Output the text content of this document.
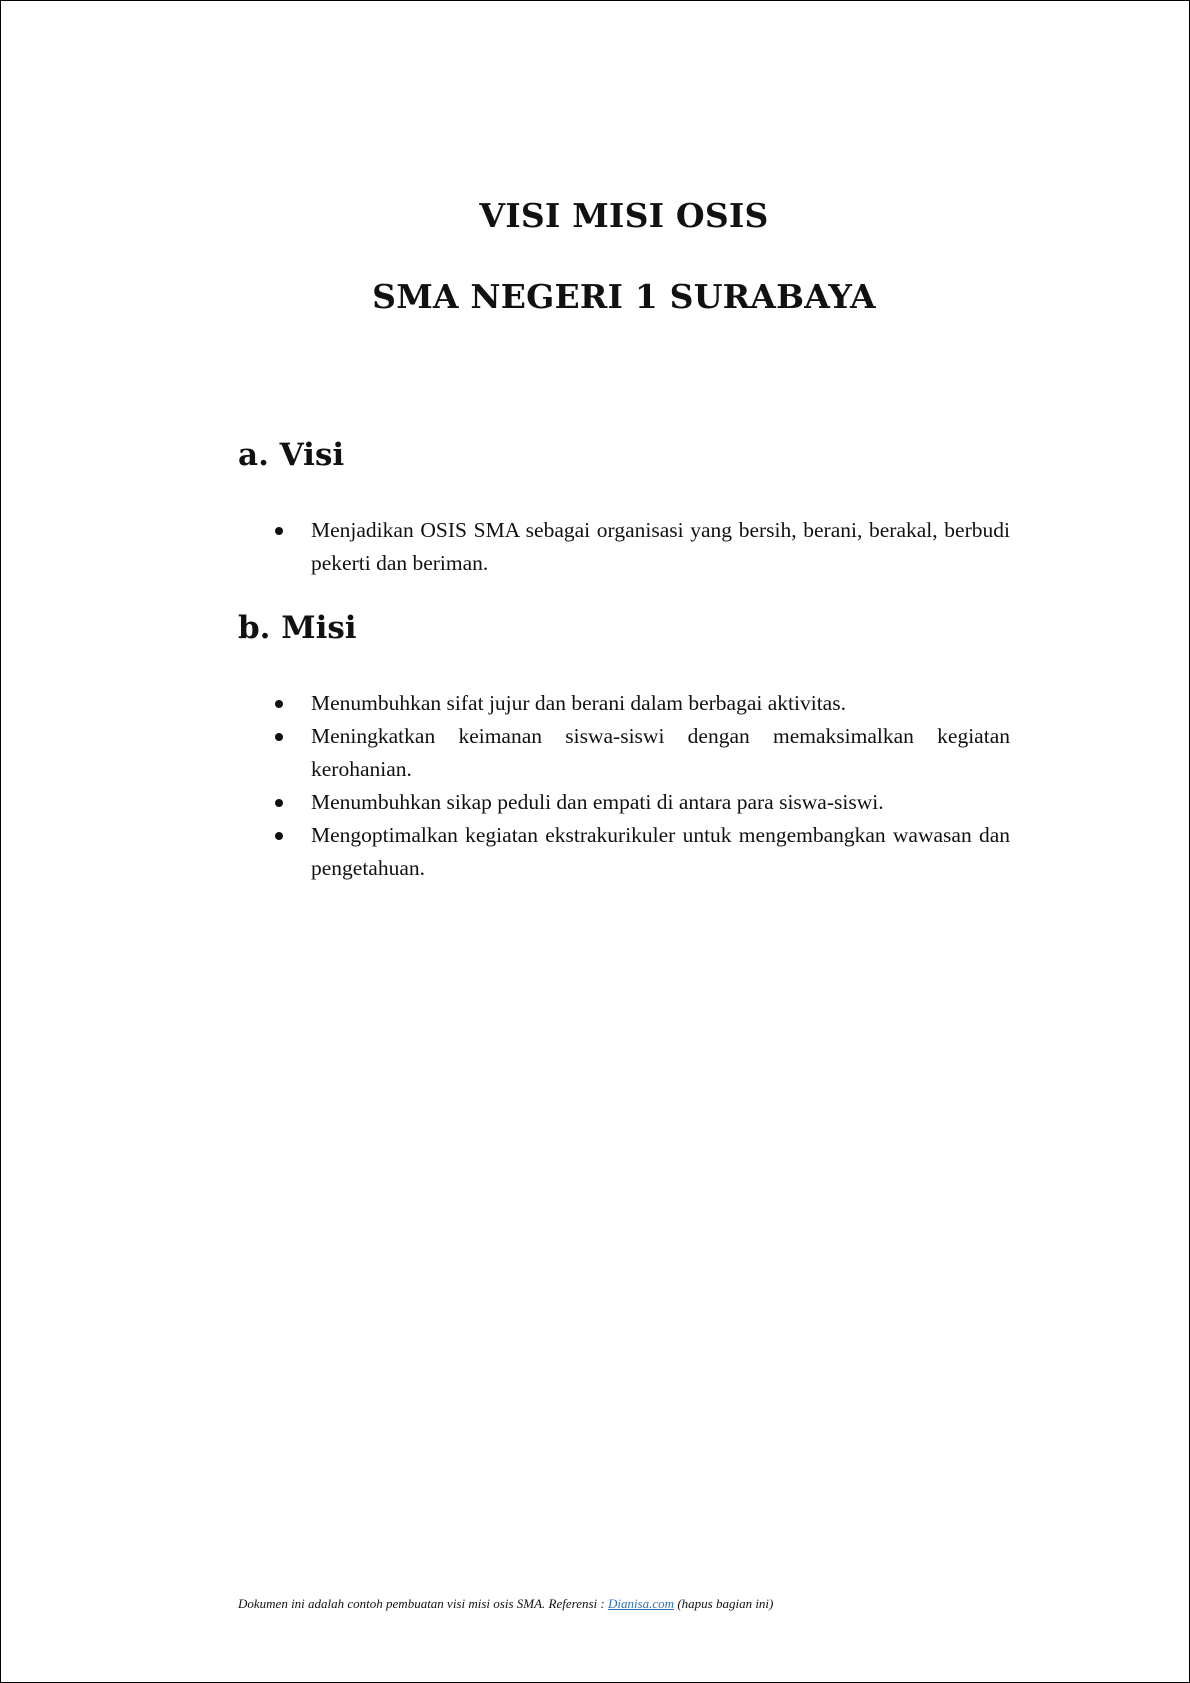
VISI MISI OSIS
SMA NEGERI 1 SURABAYA
a. Visi
Menjadikan OSIS SMA sebagai organisasi yang bersih, berani, berakal, berbudi pekerti dan beriman.
b. Misi
Menumbuhkan sifat jujur dan berani dalam berbagai aktivitas.
Meningkatkan keimanan siswa-siswi dengan memaksimalkan kegiatan kerohanian.
Menumbuhkan sikap peduli dan empati di antara para siswa-siswi.
Mengoptimalkan kegiatan ekstrakurikuler untuk mengembangkan wawasan dan pengetahuan.
Dokumen ini adalah contoh pembuatan visi misi osis SMA. Referensi : Dianisa.com (hapus bagian ini)
